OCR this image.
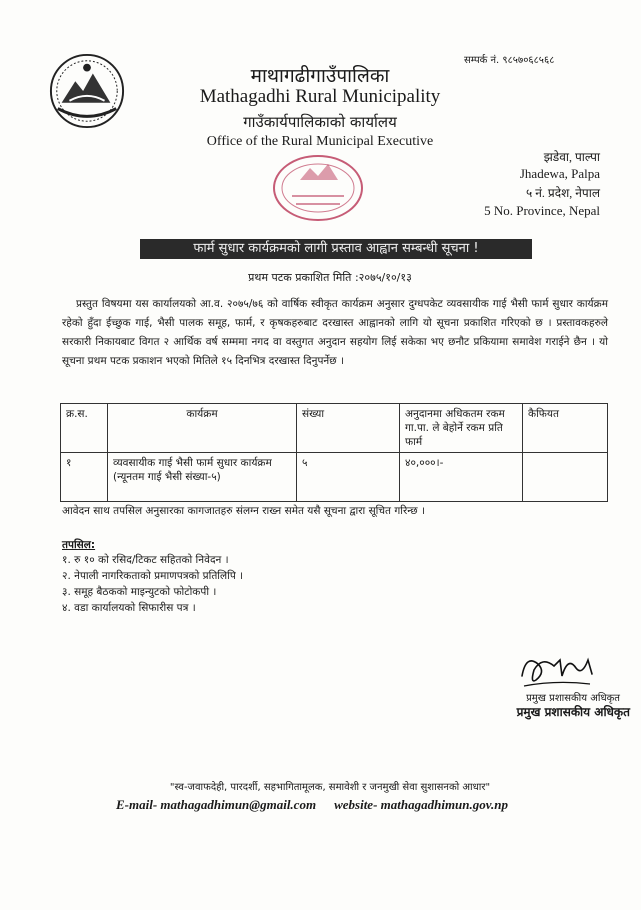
माथागढीगाउँपालिका
Mathagadhi Rural Municipality
गाउँकार्यपालिकाको कार्यालय
Office of the Rural Municipal Executive
सम्पर्क नं. ९८५७०६८५६८
झडेवा, पाल्पा
Jhadewa, Palpa
५ नं. प्रदेश, नेपाल
5 No. Province, Nepal
फार्म सुधार कार्यक्रमको लागी प्रस्ताव आह्वान सम्बन्धी सूचना !
प्रथम पटक प्रकाशित मिति :२०७५/१०/१३
प्रस्तुत विषयमा यस कार्यालयको आ.व. २०७५/७६ को वार्षिक स्वीकृत कार्यक्रम अनुसार दुग्धपकेट व्यवसायीक गाई भैसी फार्म सुधार कार्यक्रम रहेको हुँदा ईच्छुक गाई, भैसी पालक समूह, फार्म, र कृषकहरुबाट दरखास्त आह्वानको लागि यो सूचना प्रकाशित गरिएको छ । प्रस्तावकहरुले सरकारी निकायबाट विगत २ आर्थिक वर्ष सम्ममा नगद वा वस्तुगत अनुदान सहयोग लिई सकेका भए छनौट प्रकियामा समावेश गराईने छैन । यो सूचना प्रथम पटक प्रकाशन भएको मितिले १५ दिनभित्र दरखास्त दिनुपर्नेछ ।
क्र.स.	कार्यक्रम	संख्या	अनुदानमा अधिकतम रकम गा.पा. ले बेहोर्ने रकम प्रति फार्म	कैफियत
१	व्यवसायीक गाई भैसी फार्म सुधार कार्यक्रम (न्यूनतम गाई भैसी संख्या-५)	५	४०,०००।-	
आवेदन साथ तपसिल अनुसारका कागजातहरु संलग्न राख्न समेत यसै सूचना द्वारा सूचित गरिन्छ ।
तपसिल:
१. रु १० को रसिद/टिकट सहितको निवेदन ।
२. नेपाली नागरिकताको प्रमाणपत्रको प्रतिलिपि ।
३. समूह बैठकको माइन्युटको फोटोकपी ।
४. वडा कार्यालयको सिफारीस पत्र ।
प्रमुख प्रशासकीय अधिकृत
प्रमुख प्रशासकीय अधिकृत
"स्व-जवाफदेही, पारदर्शी, सहभागितामूलक, समावेशी र जनमुखी सेवा सुशासनको आधार"
E-mail- mathagadhimun@gmail.com website- mathagadhimun.gov.np
